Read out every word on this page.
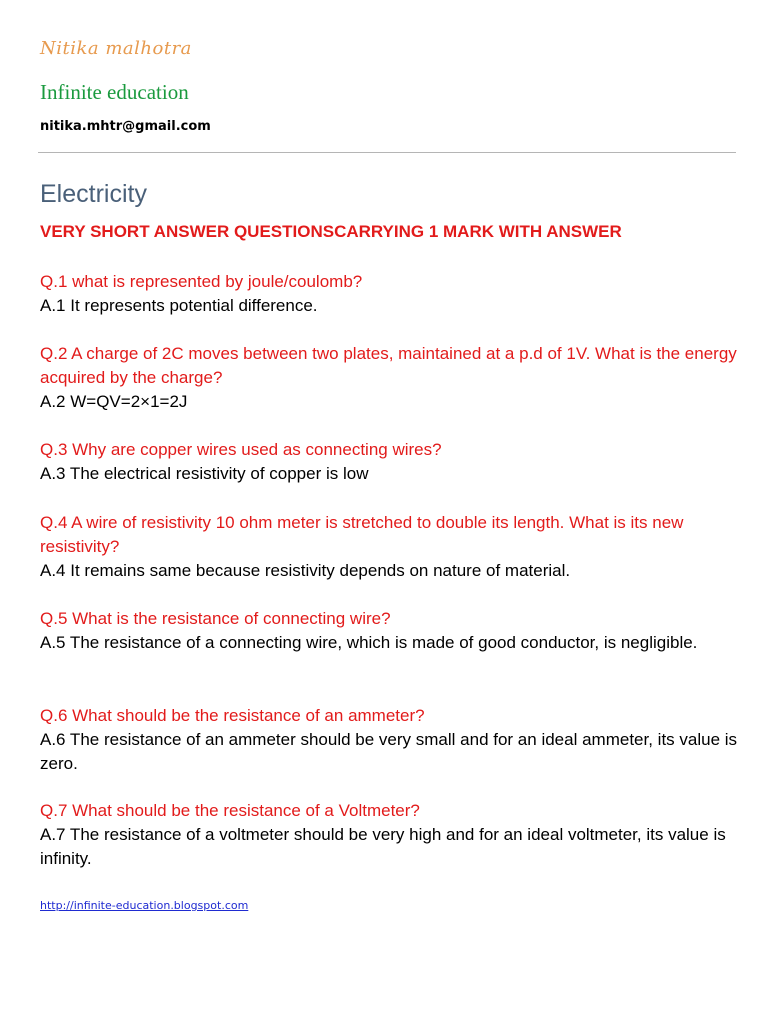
Nitika malhotra
Infinite education
nitika.mhtr@gmail.com
Electricity
VERY SHORT ANSWER QUESTIONSCARRYING 1 MARK WITH ANSWER
Q.1 what is represented by joule/coulomb?
A.1 It represents potential difference.
Q.2 A charge of 2C moves between two plates, maintained at a p.d of 1V. What is the energy acquired by the charge?
A.2 W=QV=2×1=2J
Q.3 Why are copper wires used as connecting wires?
A.3 The electrical resistivity of copper is low
Q.4 A wire of resistivity 10 ohm meter is stretched to double its length. What is its new resistivity?
A.4 It remains same because resistivity depends on nature of material.
Q.5 What is the resistance of connecting wire?
A.5 The resistance of a connecting wire, which is made of good conductor, is negligible.
Q.6 What should be the resistance of an ammeter?
A.6 The resistance of an ammeter should be very small and for an ideal ammeter, its value is zero.
Q.7 What should be the resistance of a Voltmeter?
A.7 The resistance of a voltmeter should be very high and for an ideal voltmeter, its value is infinity.
http://infinite-education.blogspot.com
